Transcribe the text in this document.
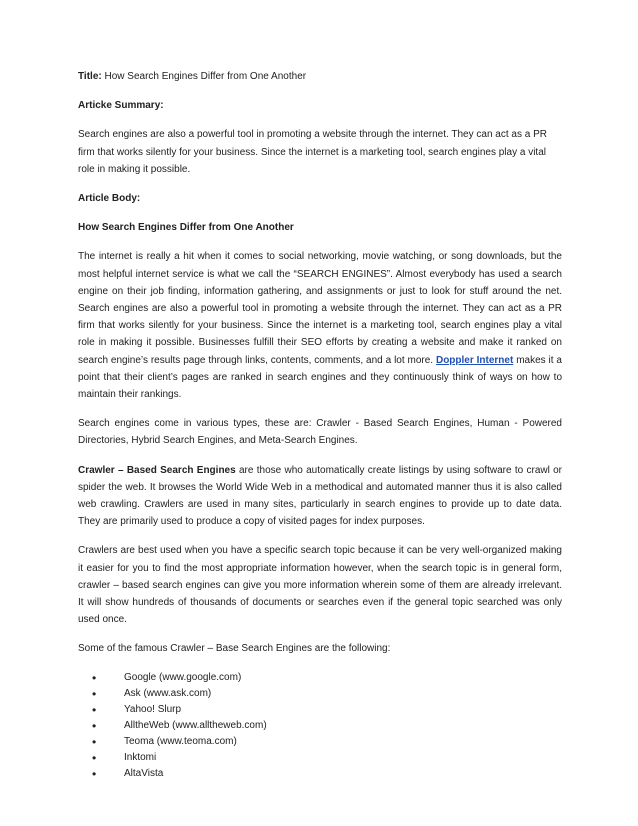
Title: How Search Engines Differ from One Another

Articke Summary:

Search engines are also a powerful tool in promoting a website through the internet. They can act as a PR firm that works silently for your business. Since the internet is a marketing tool, search engines play a vital role in making it possible.

Article Body:

How Search Engines Differ from One Another

The internet is really a hit when it comes to social networking, movie watching, or song downloads, but the most helpful internet service is what we call the “SEARCH ENGINES”. Almost everybody has used a search engine on their job finding, information gathering, and assignments or just to look for stuff around the net. Search engines are also a powerful tool in promoting a website through the internet. They can act as a PR firm that works silently for your business. Since the internet is a marketing tool, search engines play a vital role in making it possible. Businesses fulfill their SEO efforts by creating a website and make it ranked on search engine’s results page through links, contents, comments, and a lot more. Doppler Internet makes it a point that their client’s pages are ranked in search engines and they continuously think of ways on how to maintain their rankings.

Search engines come in various types, these are: Crawler - Based Search Engines, Human - Powered Directories, Hybrid Search Engines, and Meta-Search Engines.

Crawler – Based Search Engines are those who automatically create listings by using software to crawl or spider the web. It browses the World Wide Web in a methodical and automated manner thus it is also called web crawling. Crawlers are used in many sites, particularly in search engines to provide up to date data. They are primarily used to produce a copy of visited pages for index purposes.

Crawlers are best used when you have a specific search topic because it can be very well-organized making it easier for you to find the most appropriate information however, when the search topic is in general form, crawler – based search engines can give you more information wherein some of them are already irrelevant. It will show hundreds of thousands of documents or searches even if the general topic searched was only used once.

Some of the famous Crawler – Base Search Engines are the following:

•	Google (www.google.com)
•	Ask (www.ask.com)
•	Yahoo! Slurp
•	AlltheWeb (www.alltheweb.com)
•	Teoma (www.teoma.com)
•	Inktomi
•	AltaVista
